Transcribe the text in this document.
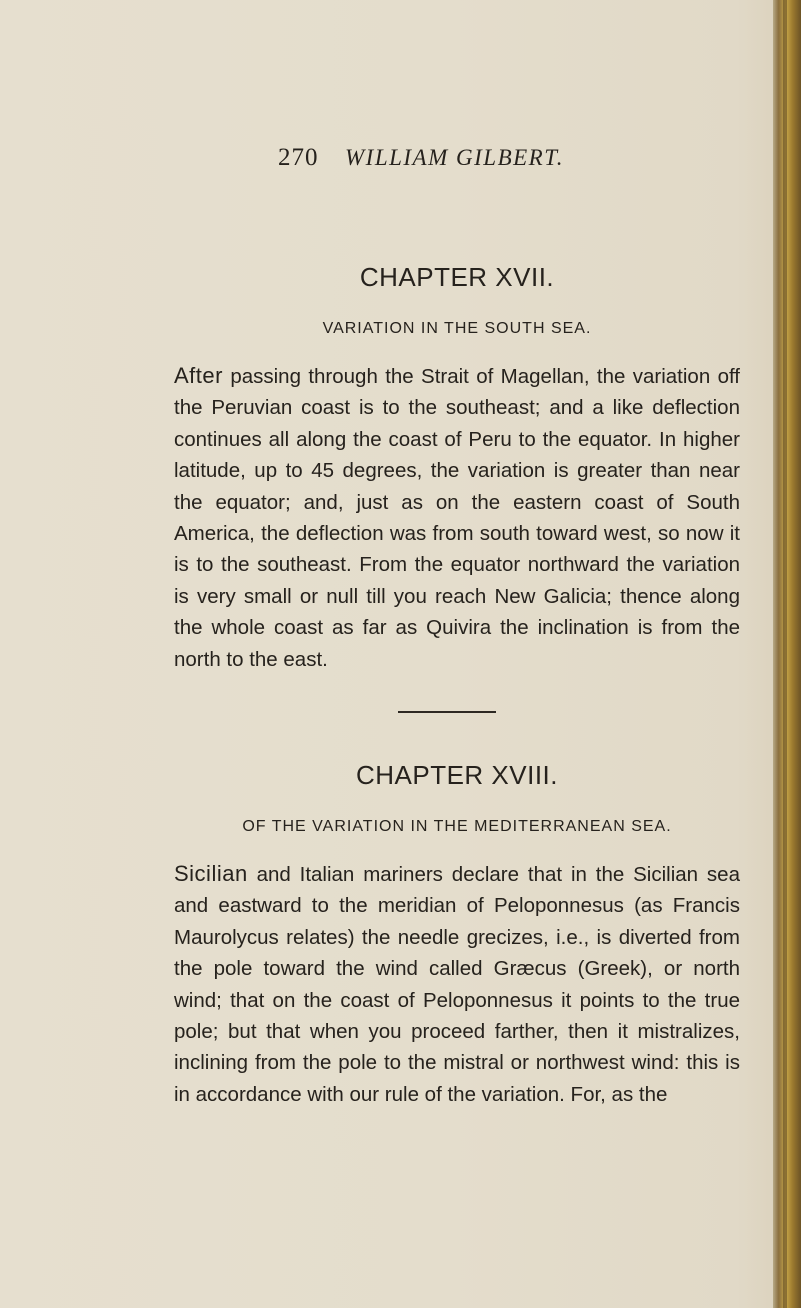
270 WILLIAM GILBERT.
CHAPTER XVII.
VARIATION IN THE SOUTH SEA.

After passing through the Strait of Magellan, the variation off the Peruvian coast is to the southeast; and a like deflection continues all along the coast of Peru to the equator. In higher latitude, up to 45 degrees, the variation is greater than near the equator; and, just as on the eastern coast of South America, the deflection was from south toward west, so now it is to the southeast. From the equator northward the variation is very small or null till you reach New Galicia; thence along the whole coast as far as Quivira the inclination is from the north to the east.

CHAPTER XVIII.
OF THE VARIATION IN THE MEDITERRANEAN SEA.

Sicilian and Italian mariners declare that in the Sicilian sea and eastward to the meridian of Peloponnesus (as Francis Maurolycus relates) the needle grecizes, i.e., is diverted from the pole toward the wind called Græcus (Greek), or north wind; that on the coast of Peloponnesus it points to the true pole; but that when you proceed farther, then it mistralizes, inclining from the pole to the mistral or northwest wind: this is in accordance with our rule of the variation. For, as the
